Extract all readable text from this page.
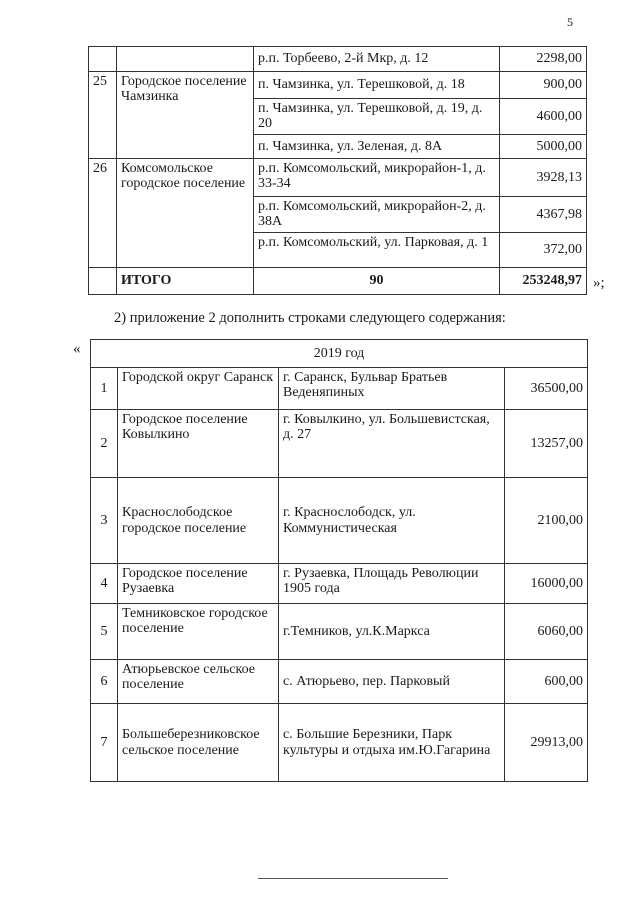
5
		р.п. Торбеево, 2-й Мкр, д. 12	2298,00
25	Городское поселение Чамзинка	п. Чамзинка, ул. Терешковой, д. 18	900,00
		п. Чамзинка, ул. Терешковой, д. 19, д. 20	4600,00
		п. Чамзинка, ул. Зеленая, д. 8А	5000,00
26	Комсомольское городское поселение	р.п. Комсомольский, микрорайон-1, д. 33-34	3928,13
		р.п. Комсомольский, микрорайон-2, д. 38А	4367,98
		р.п. Комсомольский, ул. Парковая, д. 1	372,00
	ИТОГО	90	253248,97 »;
2) приложение 2 дополнить строками следующего содержания:
«	2019 год			
1	Городской округ Саранск	г. Саранск, Бульвар Братьев Веденяпиных	36500,00
2	Городское поселение Ковылкино	г. Ковылкино, ул. Большевистская, д. 27	13257,00
3	Краснослободское городское поселение	г. Краснослободск, ул. Коммунистическая	2100,00
4	Городское поселение Рузаевка	г. Рузаевка, Площадь Революции 1905 года	16000,00
5	Темниковское городское поселение	г.Темников, ул.К.Маркса	6060,00
6	Атюрьевское сельское поселение	с. Атюрьево, пер. Парковый	600,00
7	Большеберезниковское сельское поселение	с. Большие Березники, Парк культуры и отдыха им.Ю.Гагарина	29913,00
